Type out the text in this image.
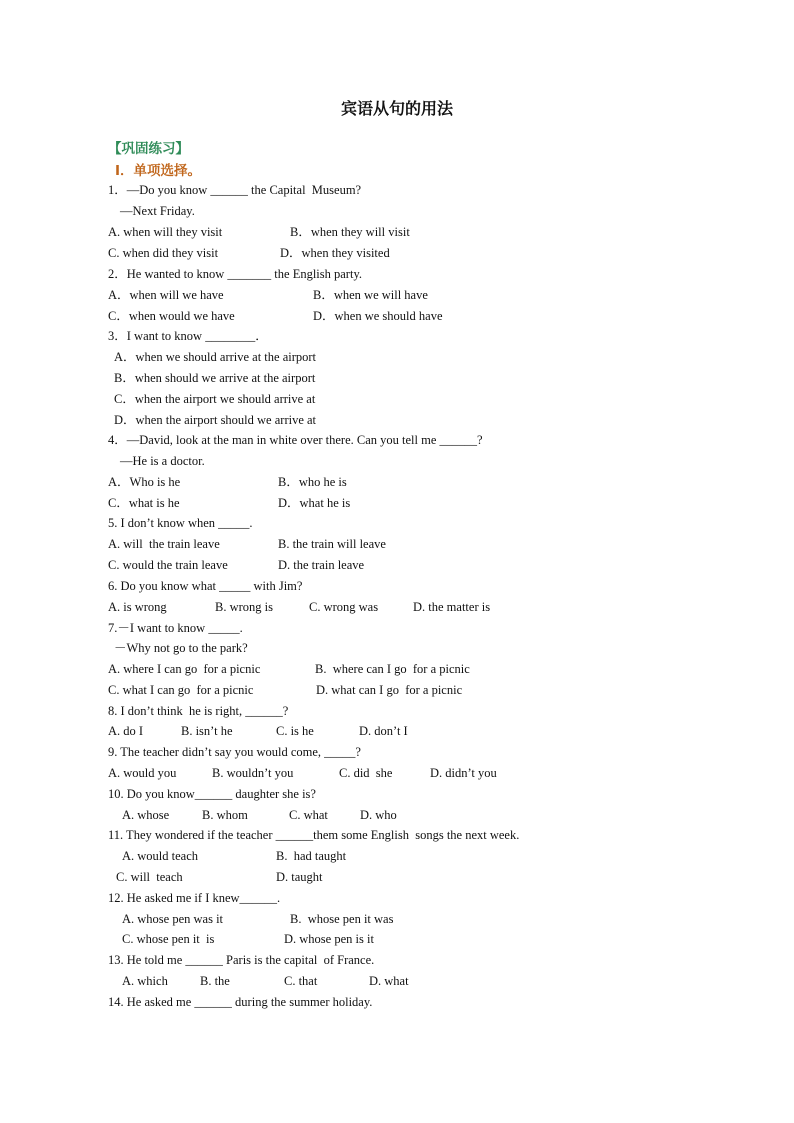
宾语从句的用法
【巩固练习】
I．单项选择。
1．—Do you know ______ the Capital  Museum?
—Next Friday.

A. when will they visit

	B．when they will visit

C. when did they visit

	D．when they visited

2．He wanted to know _______ the English party.

A．when will we have

	B．when we will have

C．when would we have

	D．when we should have

3．I want to know ________．
A．when we should arrive at the airport
B．when should we arrive at the airport
C．when the airport we should arrive at
D．when the airport should we arrive at
4．—David, look at the man in white over there. Can you tell me ______?
—He is a doctor.

A．Who is he

	B．who he is

C．what is he

	D．what he is

5. I don’t know when _____.

A. will  the train leave

	B. the train will leave

C. would the train leave

	D. the train leave

6. Do you know what _____ with Jim?

A. is wrong

	B. wrong is

	C. wrong was

	D. the matter is

7.－I want to know _____.
－Why not go to the park?

A. where I can go  for a picnic

	B.  where can I go  for a picnic

C. what I can go  for a picnic

	D. what can I go  for a picnic

8. I don’t think  he is right, ______?

A. do I

	B. isn’t he

	C. is he

	D. don’t I

9. The teacher didn’t say you would come, _____?

A. would you

	B. wouldn’t you

	C. did  she

	D. didn’t you

10. Do you know______ daughter she is?

A. whose

	B. whom

	C. what

	D. who

11. They wondered if the teacher ______them some English  songs the next week.

A. would teach

	B.  had taught

C. will  teach

	D. taught

12. He asked me if I knew______.

A. whose pen was it

	B.  whose pen it was

C. whose pen it  is

	D. whose pen is it

13. He told me ______ Paris is the capital  of France.

A. which

	B. the

	C. that

	D. what

14. He asked me ______ during the summer holiday.
